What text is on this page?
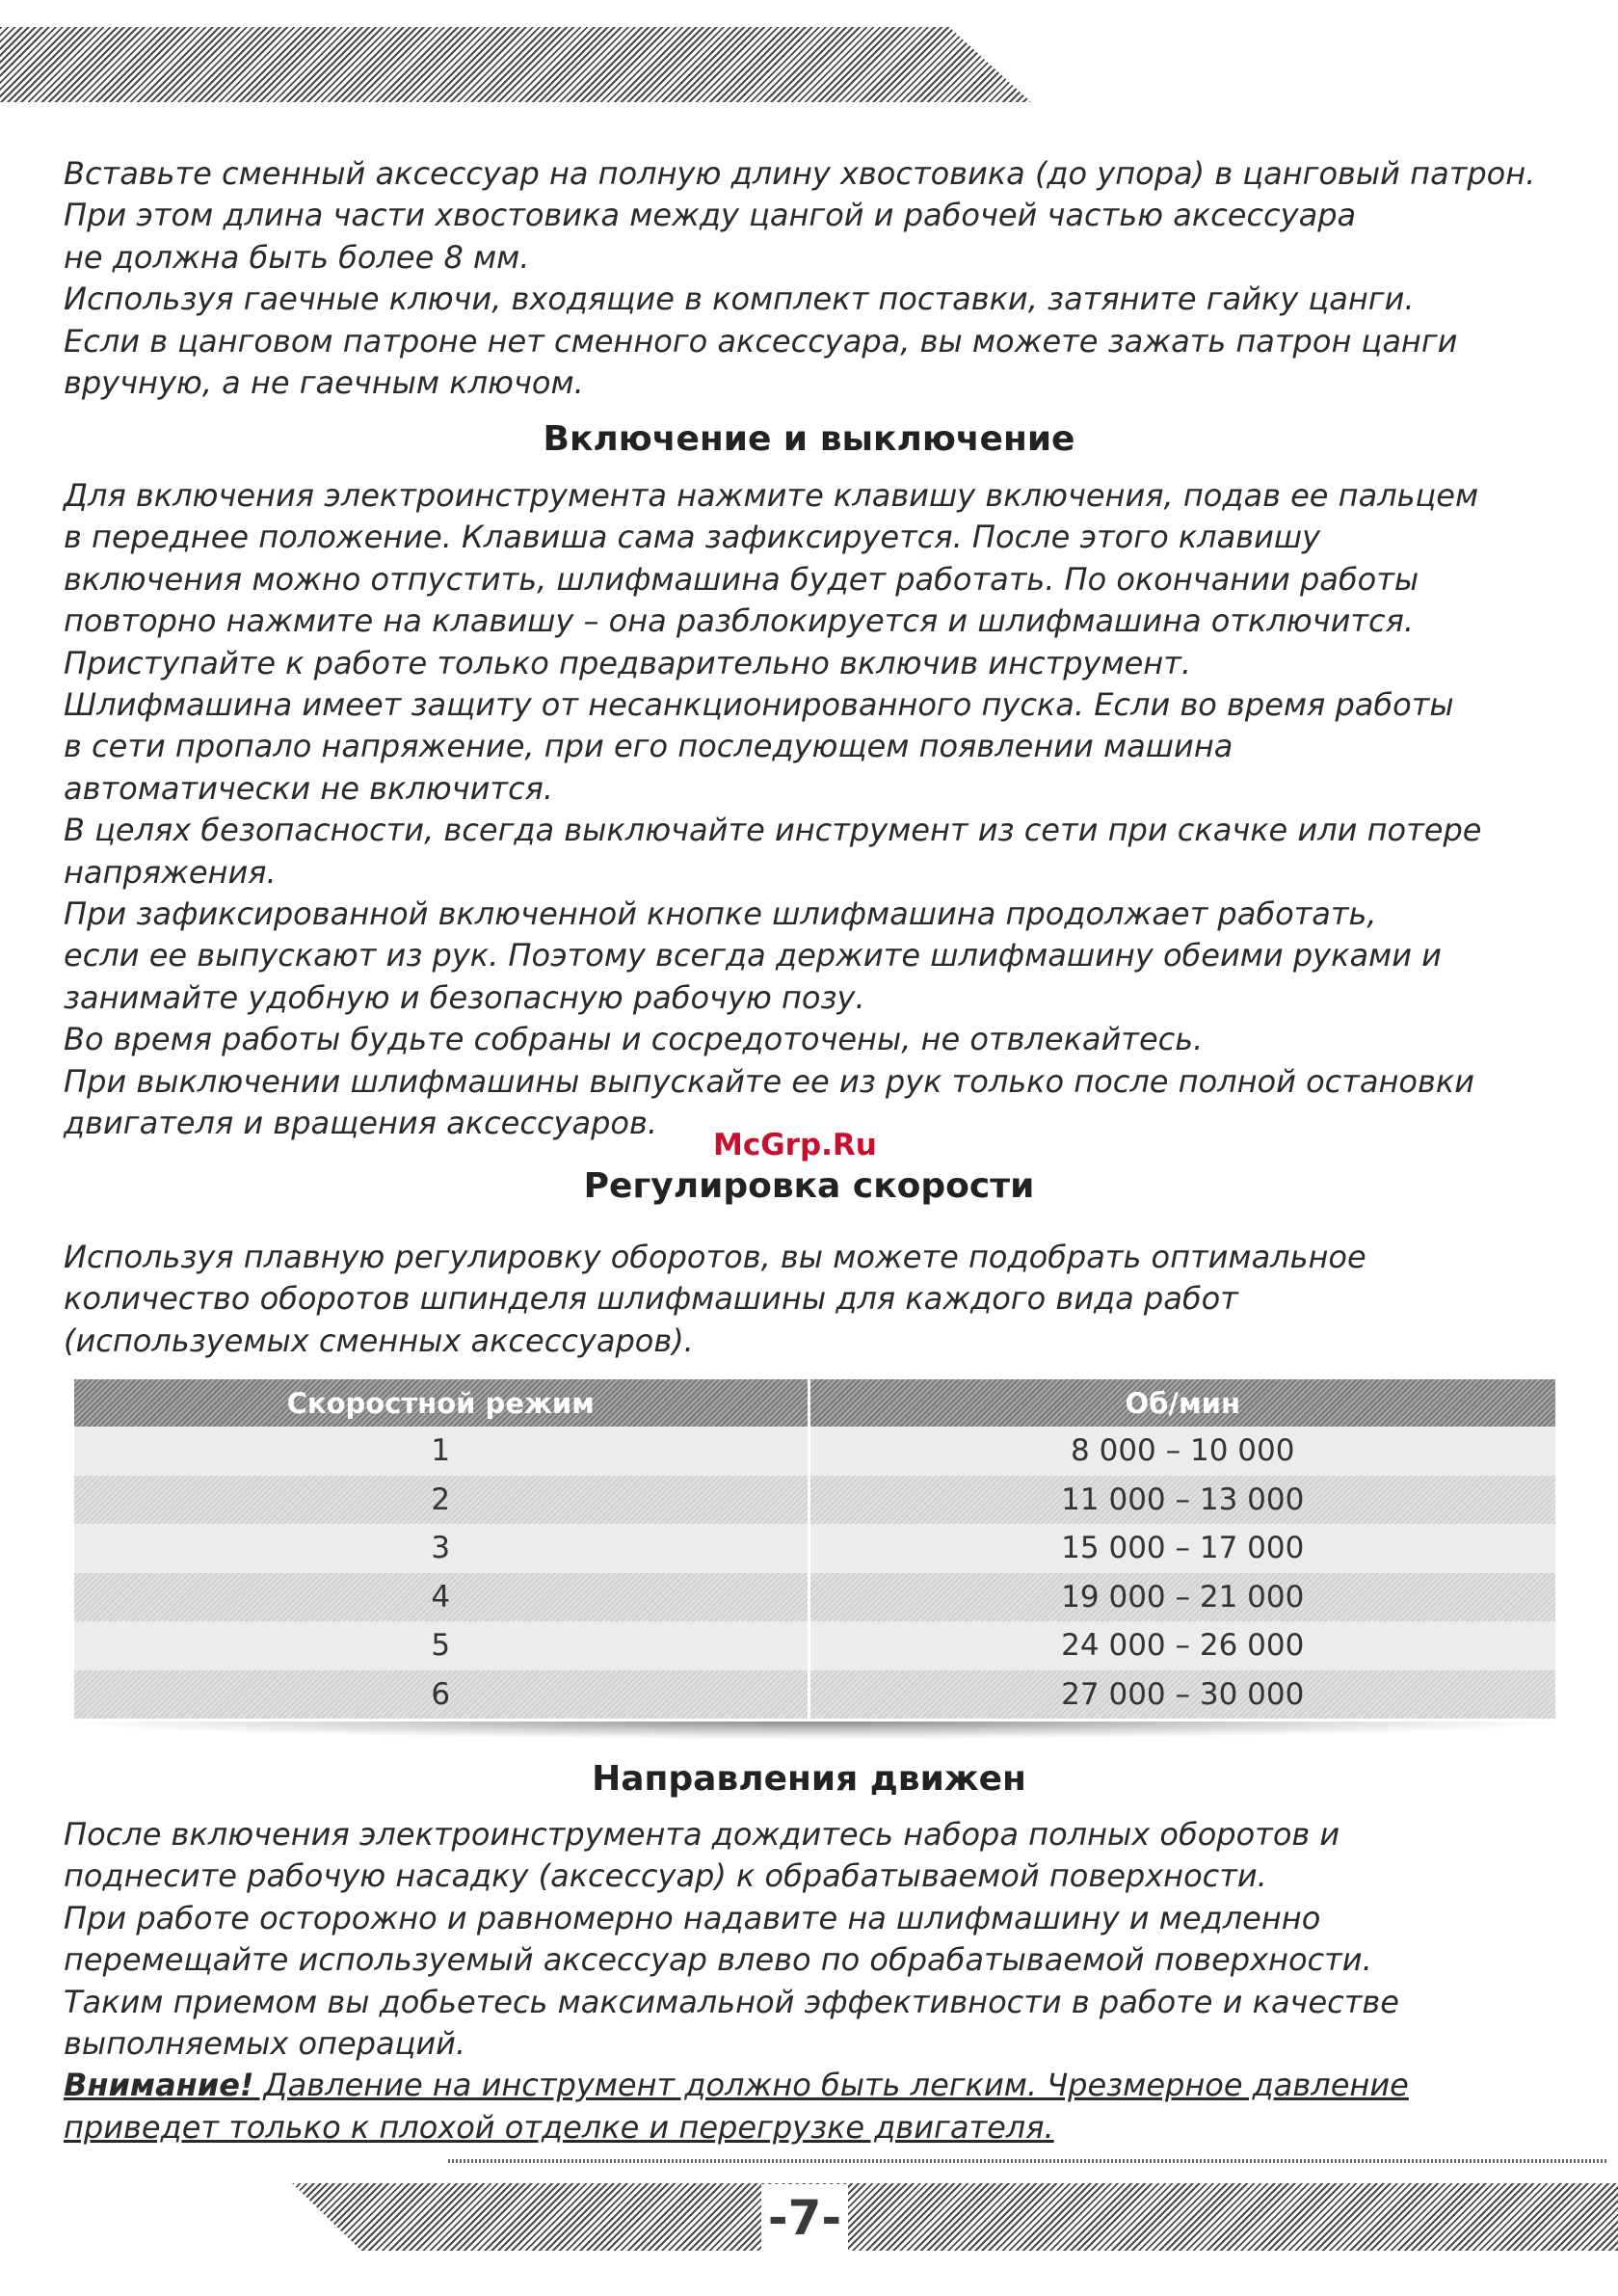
Вставьте сменный аксессуар на полную длину хвостовика (до упора) в цанговый патрон.
При этом длина части хвостовика между цангой и рабочей частью аксессуара
не должна быть более 8 мм.
Используя гаечные ключи, входящие в комплект поставки, затяните гайку цанги.
Если в цанговом патроне нет сменного аксессуара, вы можете зажать патрон цанги
вручную, а не гаечным ключом.
Включение и выключение
Для включения электроинструмента нажмите клавишу включения, подав ее пальцем
в переднее положение. Клавиша сама зафиксируется. После этого клавишу
включения можно отпустить, шлифмашина будет работать. По окончании работы
повторно нажмите на клавишу – она разблокируется и шлифмашина отключится.
Приступайте к работе только предварительно включив инструмент.
Шлифмашина имеет защиту от несанкционированного пуска. Если во время работы
в сети пропало напряжение, при его последующем появлении машина
автоматически не включится.
В целях безопасности, всегда выключайте инструмент из сети при скачке или потере
напряжения.
При зафиксированной включенной кнопке шлифмашина продолжает работать,
если ее выпускают из рук. Поэтому всегда держите шлифмашину обеими руками и
занимайте удобную и безопасную рабочую позу.
Во время работы будьте собраны и сосредоточены, не отвлекайтесь.
При выключении шлифмашины выпускайте ее из рук только после полной остановки
двигателя и вращения аксессуаров.
McGrp.Ru
Регулировка скорости
Используя плавную регулировку оборотов, вы можете подобрать оптимальное
количество оборотов шпинделя шлифмашины для каждого вида работ
(используемых сменных аксессуаров).
Скоростной режим	Об/мин
1	8 000 – 10 000
2	11 000 – 13 000
3	15 000 – 17 000
4	19 000 – 21 000
5	24 000 – 26 000
6	27 000 – 30 000
Направления движен
После включения электроинструмента дождитесь набора полных оборотов и
поднесите рабочую насадку (аксессуар) к обрабатываемой поверхности.
При работе осторожно и равномерно надавите на шлифмашину и медленно
перемещайте используемый аксессуар влево по обрабатываемой поверхности.
Таким приемом вы добьетесь максимальной эффективности в работе и качестве
выполняемых операций.
Внимание! Давление на инструмент должно быть легким. Чрезмерное давление
приведет только к плохой отделке и перегрузке двигателя.
-7-
